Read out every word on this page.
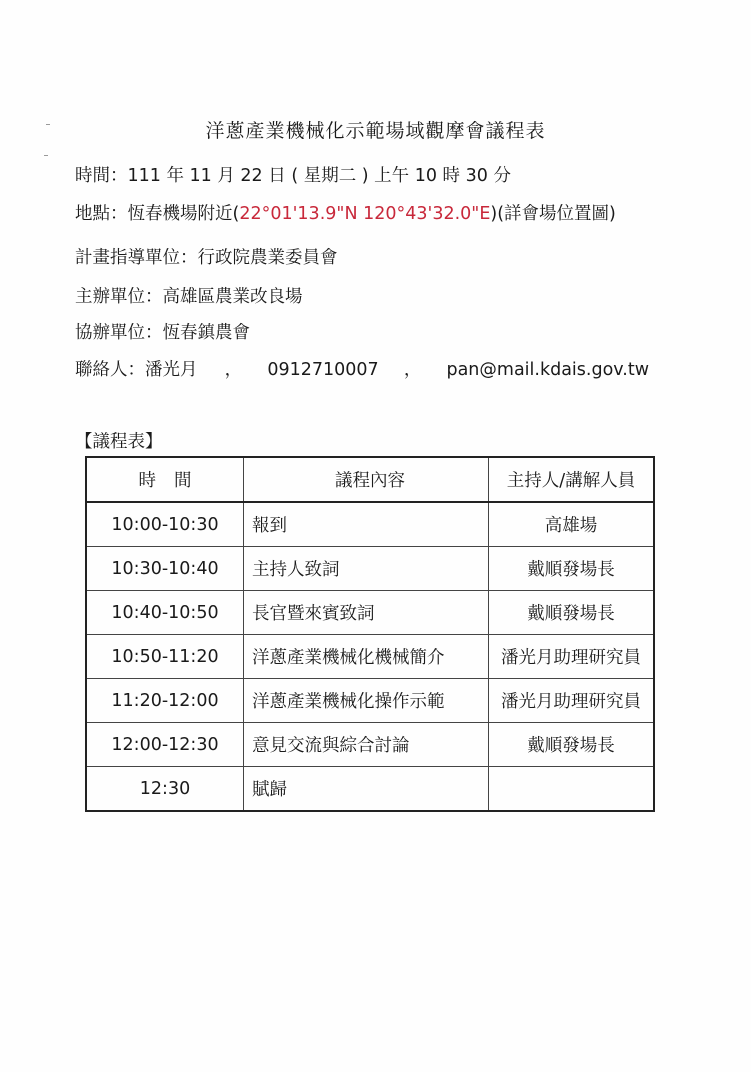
洋蔥產業機械化示範場域觀摩會議程表
時間：111 年 11 月 22 日 ( 星期二 ) 上午 10 時 30 分
地點：恆春機場附近(22°01'13.9"N 120°43'32.0"E)(詳會場位置圖)
計畫指導單位：行政院農業委員會
主辦單位：高雄區農業改良場
協辦單位：恆春鎮農會
聯絡人：潘光月 ， 0912710007 ， pan@mail.kdais.gov.tw
【議程表】
時間	議程內容	主持人/講解人員
10:00-10:30	報到	高雄場
10:30-10:40	主持人致詞	戴順發場長
10:40-10:50	長官暨來賓致詞	戴順發場長
10:50-11:20	洋蔥產業機械化機械簡介	潘光月助理研究員
11:20-12:00	洋蔥產業機械化操作示範	潘光月助理研究員
12:00-12:30	意見交流與綜合討論	戴順發場長
12:30	賦歸	
